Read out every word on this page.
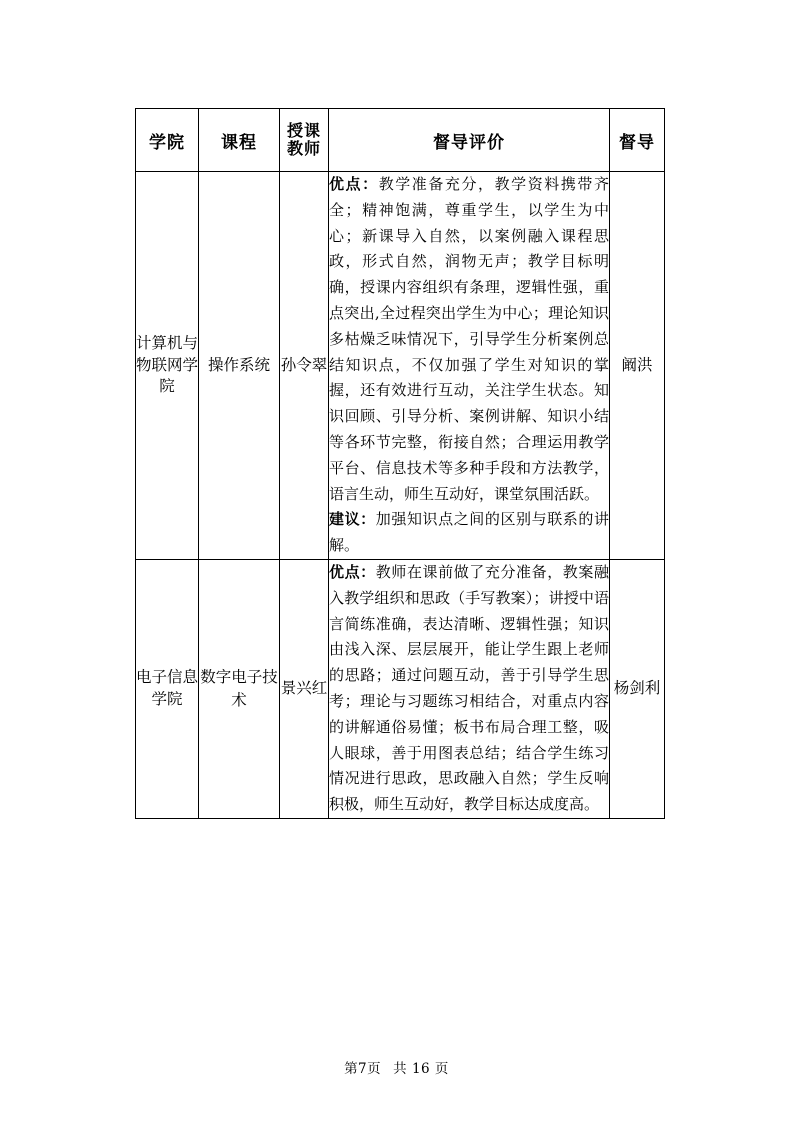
学院	课程	授课教师	督导评价	督导
计算机与物联网学院	操作系统	孙令翠	优点：教学准备充分，教学资料携带齐全；精神饱满，尊重学生，以学生为中心；新课导入自然，以案例融入课程思政，形式自然，润物无声；教学目标明确，授课内容组织有条理，逻辑性强，重点突出,全过程突出学生为中心；理论知识多枯燥乏味情况下，引导学生分析案例总结知识点，不仅加强了学生对知识的掌握，还有效进行互动，关注学生状态。知识回顾、引导分析、案例讲解、知识小结等各环节完整，衔接自然；合理运用教学平台、信息技术等多种手段和方法教学，语言生动，师生互动好，课堂氛围活跃。

建议：加强知识点之间的区别与联系的讲解。	阚洪
电子信息学院	数字电子技术	景兴红	优点：教师在课前做了充分准备，教案融入教学组织和思政（手写教案）；讲授中语言简练准确，表达清晰、逻辑性强；知识由浅入深、层层展开，能让学生跟上老师的思路；通过问题互动，善于引导学生思考；理论与习题练习相结合，对重点内容的讲解通俗易懂；板书布局合理工整，吸人眼球，善于用图表总结；结合学生练习情况进行思政，思政融入自然；学生反响积极，师生互动好，教学目标达成度高。	杨剑利
第7页 共 16 页
